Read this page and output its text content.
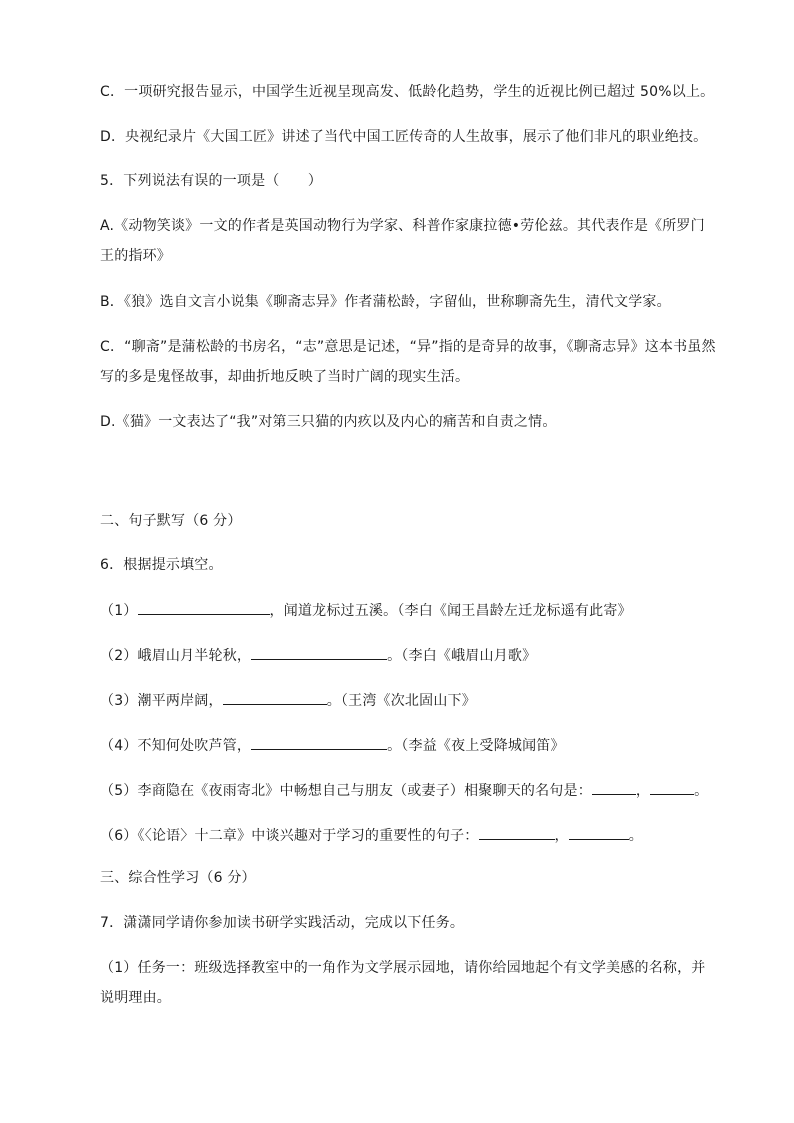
C．一项研究报告显示，中国学生近视呈现高发、低龄化趋势，学生的近视比例已超过 50%以上。
D．央视纪录片《大国工匠》讲述了当代中国工匠传奇的人生故事，展示了他们非凡的职业绝技。
5．下列说法有误的一项是（　　）
A.《动物笑谈》一文的作者是英国动物行为学家、科普作家康拉德•劳伦兹。其代表作是《所罗门
王的指环》
B．《狼》选自文言小说集《聊斋志异》作者蒲松龄，字留仙，世称聊斋先生，清代文学家。
C．“聊斋”是蒲松龄的书房名，“志”意思是记述，“异”指的是奇异的故事，《聊斋志异》这本书虽然
写的多是鬼怪故事，却曲折地反映了当时广阔的现实生活。
D.《猫》一文表达了“我”对第三只猫的内疚以及内心的痛苦和自责之情。
二、句子默写（6 分）
6．根据提示填空。
（1）	，闻道龙标过五溪。（李白《闻王昌龄左迁龙标遥有此寄》
（2）峨眉山月半轮秋，	。（李白《峨眉山月歌》
（3）潮平两岸阔，	。（王湾《次北固山下》
（4）不知何处吹芦管，	。（李益《夜上受降城闻笛》
（5）李商隐在《夜雨寄北》中畅想自己与朋友（或妻子）相聚聊天的名句是：	，	。
（6）《〈论语〉十二章》中谈兴趣对于学习的重要性的句子：	，	。
三、综合性学习（6 分）
7．潇潇同学请你参加读书研学实践活动，完成以下任务。
（1）任务一：班级选择教室中的一角作为文学展示园地，请你给园地起个有文学美感的名称，并
说明理由。
